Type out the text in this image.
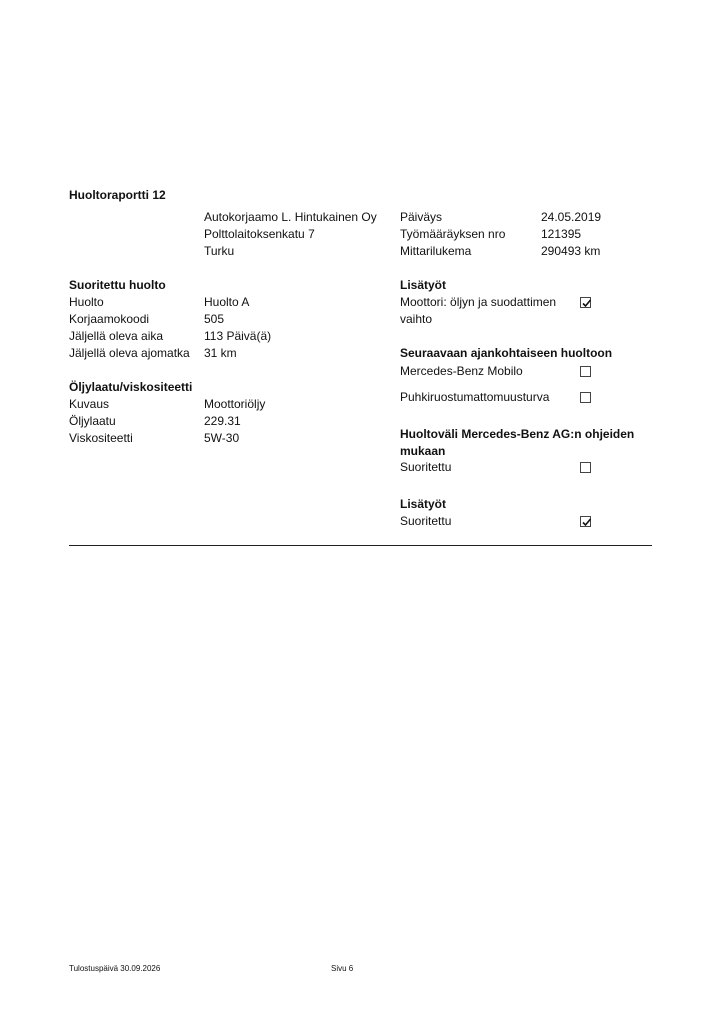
Huoltoraportti 12
Autokorjaamo L. Hintukainen Oy
Polttolaitoksenkatu 7
Turku
Päiväys	24.05.2019
Työmääräyksen nro	121395
Mittarilukema	290493 km
Suoritettu huolto
Huolto	Huolto A
Korjaamokoodi	505
Jäljellä oleva aika	113 Päivä(ä)
Jäljellä oleva ajomatka 31 km
Öljylaatu/viskositeetti
Kuvaus	Moottoriöljy
Öljylaatu	229.31
Viskositeetti	5W-30
Lisätyöt
Moottori: öljyn ja suodattimen
vaihto
Seuraavaan ajankohtaiseen huoltoon
Mercedes-Benz Mobilo
Puhkiruostumattomuusturva
Huoltoväli Mercedes-Benz AG:n ohjeiden
mukaan
Suoritettu
Lisätyöt
Suoritettu
Tulostuspäivä 30.09.2026	Sivu 6
